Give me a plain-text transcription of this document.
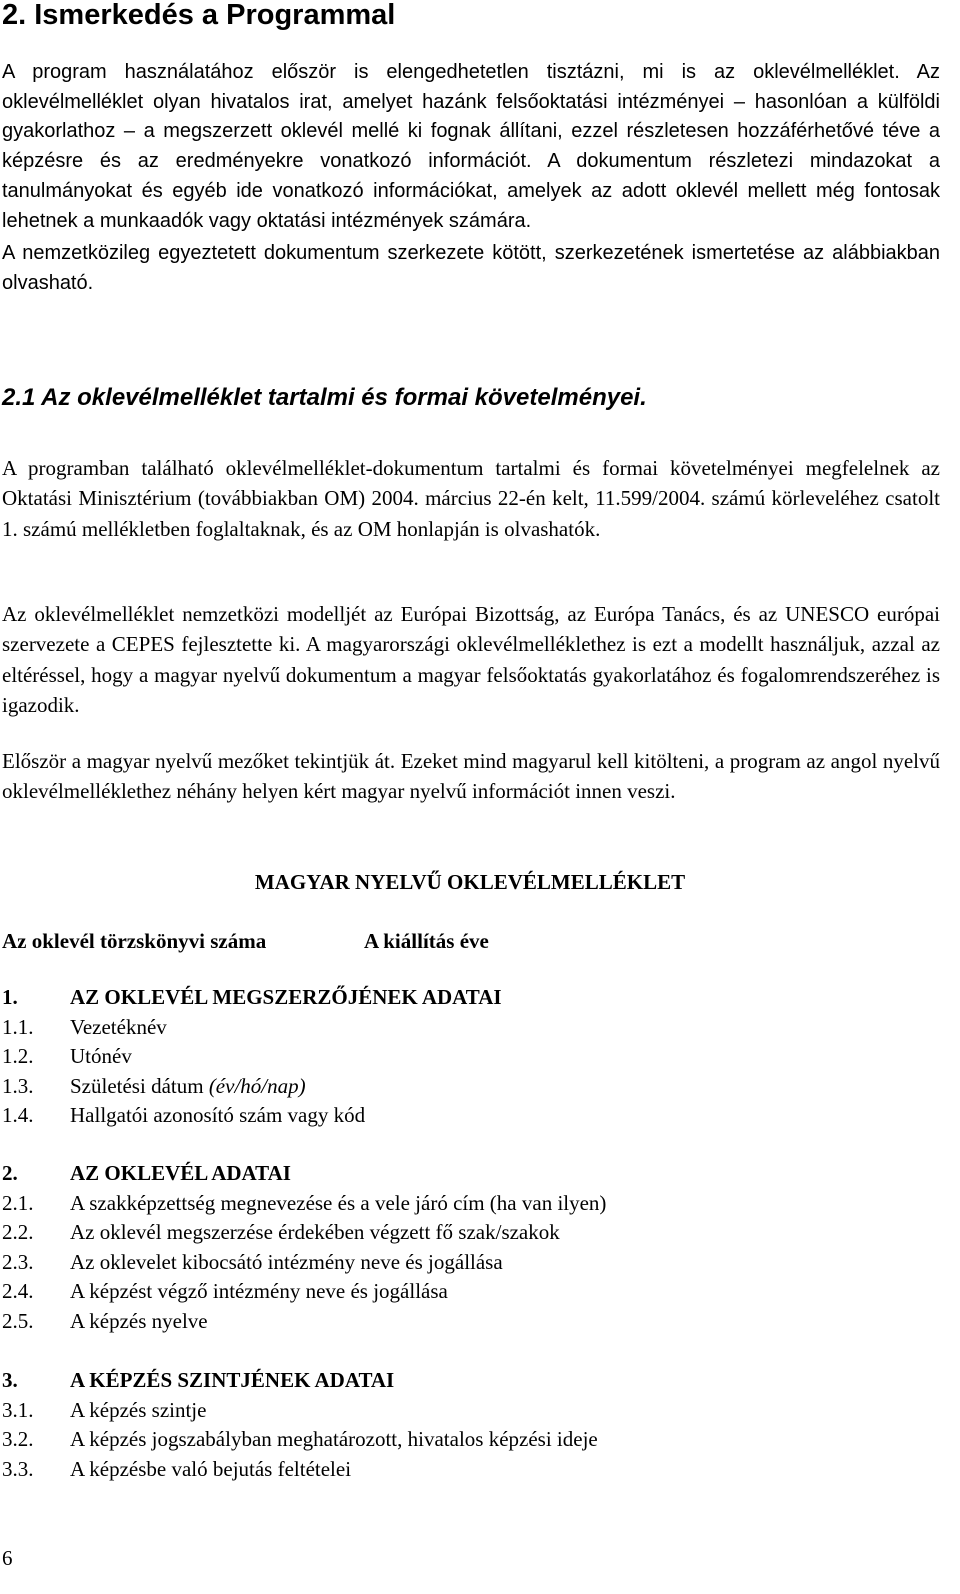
2. Ismerkedés a Programmal

A program használatához először is elengedhetetlen tisztázni, mi is az oklevélmelléklet. Az oklevélmelléklet olyan hivatalos irat, amelyet hazánk felsőoktatási intézményei – hasonlóan a külföldi gyakorlathoz – a megszerzett oklevél mellé ki fognak állítani, ezzel részletesen hozzáférhetővé téve a képzésre és az eredményekre vonatkozó információt. A dokumentum részletezi mindazokat a tanulmányokat és egyéb ide vonatkozó információkat, amelyek az adott oklevél mellett még fontosak lehetnek a munkaadók vagy oktatási intézmények számára.

A nemzetközileg egyeztetett dokumentum szerkezete kötött, szerkezetének ismertetése az alábbiakban olvasható.

2.1 Az oklevélmelléklet tartalmi és formai követelményei.

A programban található oklevélmelléklet-dokumentum tartalmi és formai követelményei megfelelnek az Oktatási Minisztérium (továbbiakban OM) 2004. március 22-én kelt, 11.599/2004. számú körleveléhez csatolt 1. számú mellékletben foglaltaknak, és az OM honlapján is olvashatók.

Az oklevélmelléklet nemzetközi modelljét az Európai Bizottság, az Európa Tanács, és az UNESCO európai szervezete a CEPES fejlesztette ki. A magyarországi oklevélmelléklethez is ezt a modellt használjuk, azzal az eltéréssel, hogy a magyar nyelvű dokumentum a magyar felsőoktatás gyakorlatához és fogalomrendszeréhez is igazodik.

Először a magyar nyelvű mezőket tekintjük át. Ezeket mind magyarul kell kitölteni, a program az angol nyelvű oklevélmelléklethez néhány helyen kért magyar nyelvű információt innen veszi.

MAGYAR NYELVŰ OKLEVÉLMELLÉKLET
Az oklevél törzskönyvi száma	A kiállítás éve
1.	AZ OKLEVÉL MEGSZERZŐJÉNEK ADATAI
1.1.	Vezetéknév
1.2.	Utónév
1.3.	Születési dátum (év/hó/nap)
1.4.	Hallgatói azonosító szám vagy kód
2.	AZ OKLEVÉL ADATAI
2.1.	A szakképzettség megnevezése és a vele járó cím (ha van ilyen)
2.2.	Az oklevél megszerzése érdekében végzett fő szak/szakok
2.3.	Az oklevelet kibocsátó intézmény neve és jogállása
2.4.	A képzést végző intézmény neve és jogállása
2.5.	A képzés nyelve
3.	A KÉPZÉS SZINTJÉNEK ADATAI
3.1.	A képzés szintje
3.2.	A képzés jogszabályban meghatározott, hivatalos képzési ideje
3.3.	A képzésbe való bejutás feltételei
6
